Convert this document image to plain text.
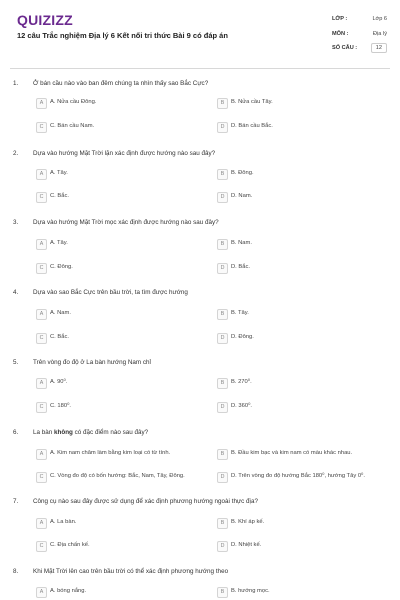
QUIZIZZ
12 câu Trắc nghiệm Địa lý 6 Kết nối tri thức Bài 9 có đáp án
LỚP :	Lớp 6
MÔN :	Địa lý
SỐ CÂU :	12
1. Ở bán cầu nào vào ban đêm chúng ta nhìn thấy sao Bắc Cực?
A	A. Nửa cầu Đông.	B	B. Nửa cầu Tây.
C	C. Bán cầu Nam.	D	D. Bán cầu Bắc.
2. Dựa vào hướng Mặt Trời lặn xác định được hướng nào sau đây?
A	A. Tây.	B	B. Đông.
C	C. Bắc.	D	D. Nam.
3. Dựa vào hướng Mặt Trời mọc xác định được hướng nào sau đây?
A	A. Tây.	B	B. Nam.
C	C. Đông.	D	D. Bắc.
4. Dựa vào sao Bắc Cực trên bầu trời, ta tìm được hướng
A	A. Nam.	B	B. Tây.
C	C. Bắc.	D	D. Đông.
5. Trên vòng đo độ ở La bàn hướng Nam chỉ
A	A. 90⁰.	B	B. 270⁰.
C	C. 180⁰.	D	D. 360⁰.
6. La bàn không có đặc điểm nào sau đây?
A	A. Kim nam châm làm bằng kim loại có từ tính.	B	B. Đầu kim bạc và kim nam có màu khác nhau.
C	C. Vòng đo độ có bốn hướng: Bắc, Nam, Tây, Đông.	D	D. Trên vòng đo độ hướng Bắc 180⁰, hướng Tây 0⁰.
7. Công cụ nào sau đây được sử dụng để xác định phương hướng ngoài thực địa?
A	A. La bàn.	B	B. Khí áp kế.
C	C. Địa chấn kế.	D	D. Nhiệt kế.
8. Khi Mặt Trời lên cao trên bầu trời có thể xác định phương hướng theo
A	A. bóng nắng.	B	B. hướng mọc.
